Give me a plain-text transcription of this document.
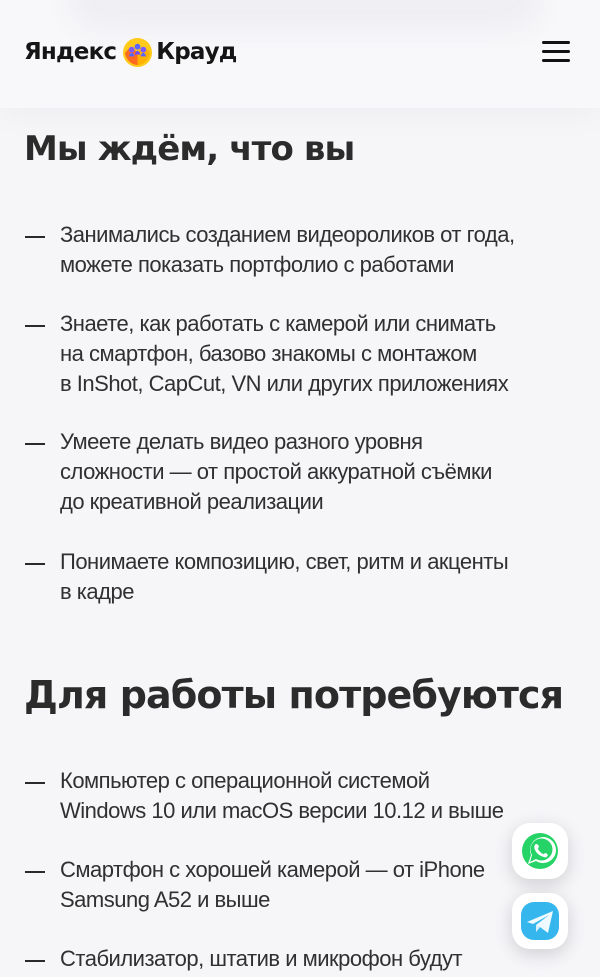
Яндекс Крауд
Мы ждём, что вы
Занимались созданием видеороликов от года,
можете показать портфолио с работами
Знаете, как работать с камерой или снимать
на смартфон, базово знакомы с монтажом
в InShot, CapCut, VN или других приложениях
Умеете делать видео разного уровня
сложности — от простой аккуратной съёмки
до креативной реализации
Понимаете композицию, свет, ритм и акценты
в кадре
Для работы потребуются
Компьютер с операционной системой
Windows 10 или macOS версии 10.12 и выше
Смартфон с хорошей камерой — от iPhone
Samsung A52 и выше
Стабилизатор, штатив и микрофон будут
